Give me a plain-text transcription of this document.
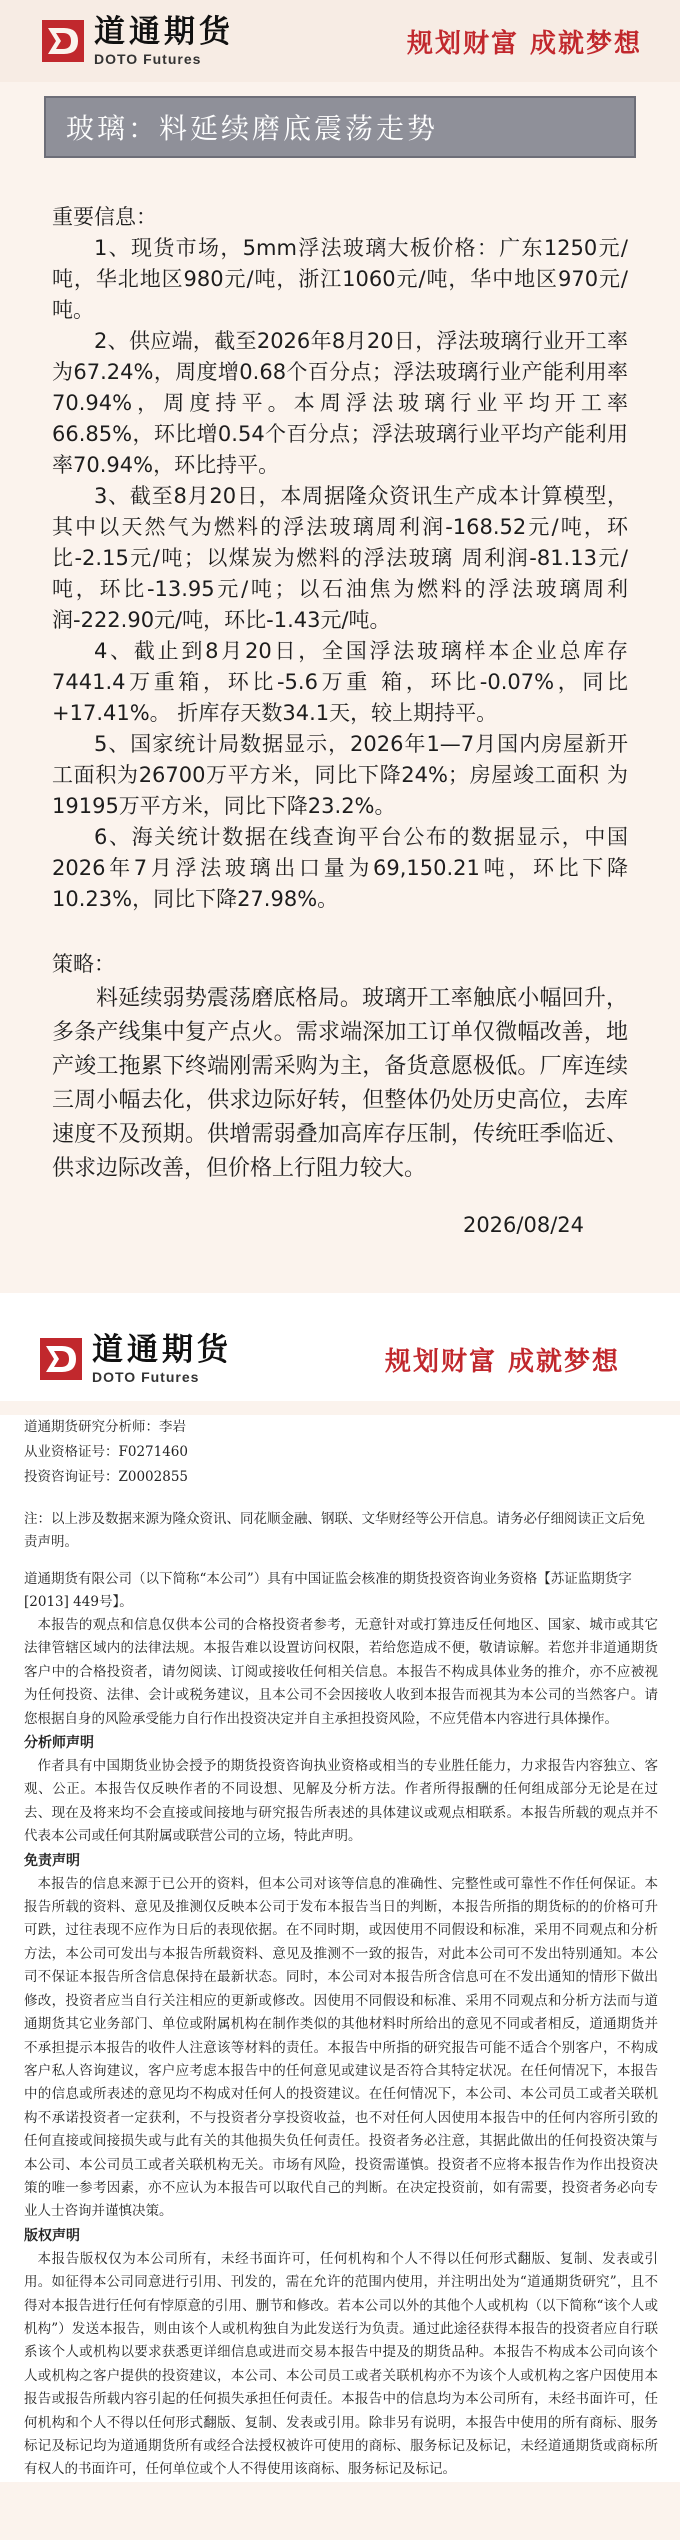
道通期货
DOTO Futures
规划财富 成就梦想
玻璃：料延续磨底震荡走势
重要信息：

1、现货市场，5mm浮法玻璃大板价格：广东1250元/吨，华北地区980元/吨，浙江1060元/吨，华中地区970元/吨。

2、供应端，截至2026年8月20日，浮法玻璃行业开工率为67.24%，周度增0.68个百分点；浮法玻璃行业产能利用率70.94%，周度持平。本周浮法玻璃行业平均开工率66.85%，环比增0.54个百分点；浮法玻璃行业平均产能利用率70.94%，环比持平。

3、截至8月20日，本周据隆众资讯生产成本计算模型，其中以天然气为燃料的浮法玻璃周利润-168.52元/吨，环比-2.15元/吨；以煤炭为燃料的浮法玻璃 周利润-81.13元/吨，环比-13.95元/吨；以石油焦为燃料的浮法玻璃周利 润-222.90元/吨，环比-1.43元/吨。

4、截止到8月20日，全国浮法玻璃样本企业总库存7441.4万重箱，环比-5.6万重 箱，环比-0.07%，同比+17.41%。 折库存天数34.1天，较上期持平。

5、国家统计局数据显示，2026年1—7月国内房屋新开工面积为26700万平方米，同比下降24%；房屋竣工面积 为19195万平方米，同比下降23.2%。

6、海关统计数据在线查询平台公布的数据显示，中国2026年7月浮法玻璃出口量为69,150.21吨，环比下降10.23%，同比下降27.98%。

策略：

料延续弱势震荡磨底格局。玻璃开工率触底小幅回升，多条产线集中复产点火。需求端深加工订单仅微幅改善，地产竣工拖累下终端刚需采购为主，备货意愿极低。厂库连续三周小幅去化，供求边际好转，但整体仍处历史高位，去库速度不及预期。供增需弱叠加高库存压制，传统旺季临近、供求边际改善，但价格上行阻力较大。

2026/08/24
道通期货
DOTO Futures
规划财富 成就梦想
道通期货研究分析师：李岩
从业资格证号：F0271460
投资咨询证号：Z0002855

注：以上涉及数据来源为隆众资讯、同花顺金融、钢联、文华财经等公开信息。请务必仔细阅读正文后免责声明。

道通期货有限公司（以下简称“本公司”）具有中国证监会核准的期货投资咨询业务资格【苏证监期货字[2013] 449号】。

本报告的观点和信息仅供本公司的合格投资者参考，无意针对或打算违反任何地区、国家、城市或其它法律管辖区域内的法律法规。本报告难以设置访问权限，若给您造成不便，敬请谅解。若您并非道通期货客户中的合格投资者，请勿阅读、订阅或接收任何相关信息。本报告不构成具体业务的推介，亦不应被视为任何投资、法律、会计或税务建议，且本公司不会因接收人收到本报告而视其为本公司的当然客户。请您根据自身的风险承受能力自行作出投资决定并自主承担投资风险，不应凭借本内容进行具体操作。

分析师声明

作者具有中国期货业协会授予的期货投资咨询执业资格或相当的专业胜任能力，力求报告内容独立、客观、公正。本报告仅反映作者的不同设想、见解及分析方法。作者所得报酬的任何组成部分无论是在过去、现在及将来均不会直接或间接地与研究报告所表述的具体建议或观点相联系。本报告所载的观点并不代表本公司或任何其附属或联营公司的立场，特此声明。

免责声明

本报告的信息来源于已公开的资料，但本公司对该等信息的准确性、完整性或可靠性不作任何保证。本报告所载的资料、意见及推测仅反映本公司于发布本报告当日的判断，本报告所指的期货标的的价格可升可跌，过往表现不应作为日后的表现依据。在不同时期，或因使用不同假设和标准，采用不同观点和分析方法，本公司可发出与本报告所载资料、意见及推测不一致的报告，对此本公司可不发出特别通知。本公司不保证本报告所含信息保持在最新状态。同时，本公司对本报告所含信息可在不发出通知的情形下做出修改，投资者应当自行关注相应的更新或修改。因使用不同假设和标准、采用不同观点和分析方法而与道通期货其它业务部门、单位或附属机构在制作类似的其他材料时所给出的意见不同或者相反，道通期货并不承担提示本报告的收件人注意该等材料的责任。本报告中所指的研究报告可能不适合个别客户，不构成客户私人咨询建议，客户应考虑本报告中的任何意见或建议是否符合其特定状况。在任何情况下，本报告中的信息或所表述的意见均不构成对任何人的投资建议。在任何情况下，本公司、本公司员工或者关联机构不承诺投资者一定获利，不与投资者分享投资收益，也不对任何人因使用本报告中的任何内容所引致的任何直接或间接损失或与此有关的其他损失负任何责任。投资者务必注意，其据此做出的任何投资决策与本公司、本公司员工或者关联机构无关。市场有风险，投资需谨慎。投资者不应将本报告作为作出投资决策的唯一参考因素，亦不应认为本报告可以取代自己的判断。在决定投资前，如有需要，投资者务必向专业人士咨询并谨慎决策。

版权声明

本报告版权仅为本公司所有，未经书面许可，任何机构和个人不得以任何形式翻版、复制、发表或引用。如征得本公司同意进行引用、刊发的，需在允许的范围内使用，并注明出处为“道通期货研究”，且不得对本报告进行任何有悖原意的引用、删节和修改。若本公司以外的其他个人或机构（以下简称“该个人或机构”）发送本报告，则由该个人或机构独自为此发送行为负责。通过此途径获得本报告的投资者应自行联系该个人或机构以要求获悉更详细信息或进而交易本报告中提及的期货品种。本报告不构成本公司向该个人或机构之客户提供的投资建议，本公司、本公司员工或者关联机构亦不为该个人或机构之客户因使用本报告或报告所载内容引起的任何损失承担任何责任。本报告中的信息均为本公司所有，未经书面许可，任何机构和个人不得以任何形式翻版、复制、发表或引用。除非另有说明，本报告中使用的所有商标、服务标记及标记均为道通期货所有或经合法授权被许可使用的商标、服务标记及标记，未经道通期货或商标所有权人的书面许可，任何单位或个人不得使用该商标、服务标记及标记。
